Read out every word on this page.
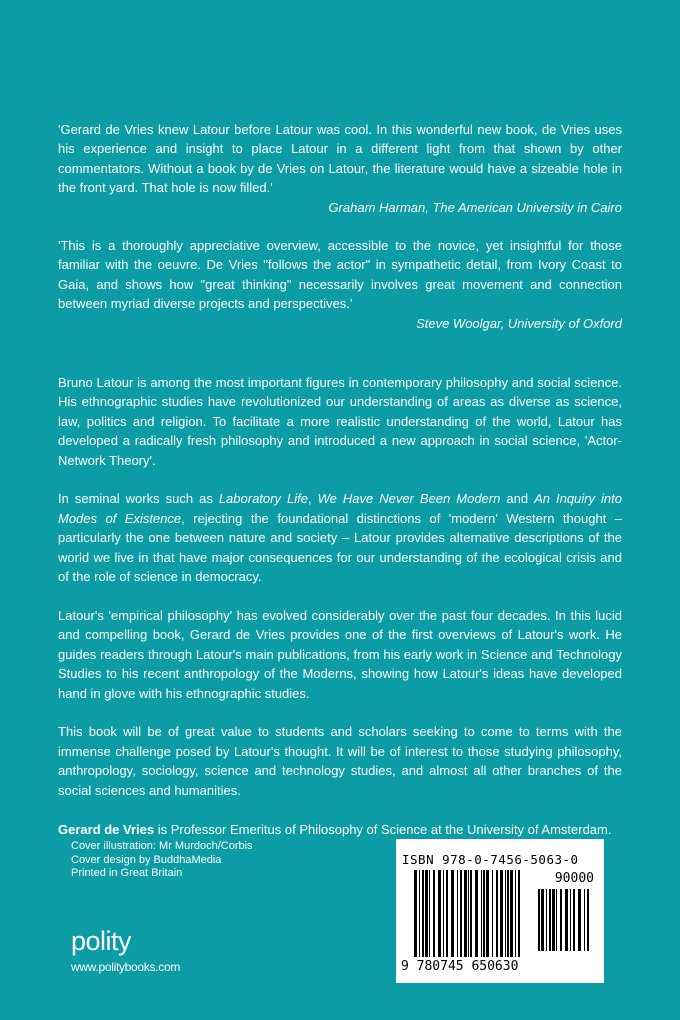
'Gerard de Vries knew Latour before Latour was cool. In this wonderful new book, de Vries uses his experience and insight to place Latour in a different light from that shown by other commentators. Without a book by de Vries on Latour, the literature would have a sizeable hole in the front yard. That hole is now filled.'
Graham Harman, The American University in Cairo

'This is a thoroughly appreciative overview, accessible to the novice, yet insightful for those familiar with the oeuvre. De Vries "follows the actor" in sympathetic detail, from Ivory Coast to Gaia, and shows how "great thinking" necessarily involves great movement and connection between myriad diverse projects and perspectives.'
Steve Woolgar, University of Oxford

Bruno Latour is among the most important figures in contemporary philosophy and social science. His ethnographic studies have revolutionized our understanding of areas as diverse as science, law, politics and religion. To facilitate a more realistic understanding of the world, Latour has developed a radically fresh philosophy and introduced a new approach in social science, 'Actor-Network Theory'.

In seminal works such as Laboratory Life, We Have Never Been Modern and An Inquiry into Modes of Existence, rejecting the foundational distinctions of 'modern' Western thought – particularly the one between nature and society – Latour provides alternative descriptions of the world we live in that have major consequences for our understanding of the ecological crisis and of the role of science in democracy.

Latour's 'empirical philosophy' has evolved considerably over the past four decades. In this lucid and compelling book, Gerard de Vries provides one of the first overviews of Latour's work. He guides readers through Latour's main publications, from his early work in Science and Technology Studies to his recent anthropology of the Moderns, showing how Latour's ideas have developed hand in glove with his ethnographic studies.

This book will be of great value to students and scholars seeking to come to terms with the immense challenge posed by Latour's thought. It will be of interest to those studying philosophy, anthropology, sociology, science and technology studies, and almost all other branches of the social sciences and humanities.

Gerard de Vries is Professor Emeritus of Philosophy of Science at the University of Amsterdam.
Cover illustration: Mr Murdoch/Corbis
Cover design by BuddhaMedia
Printed in Great Britain
polity
www.politybooks.com
ISBN 978-0-7456-5063-0
90000
9 780745 650630
